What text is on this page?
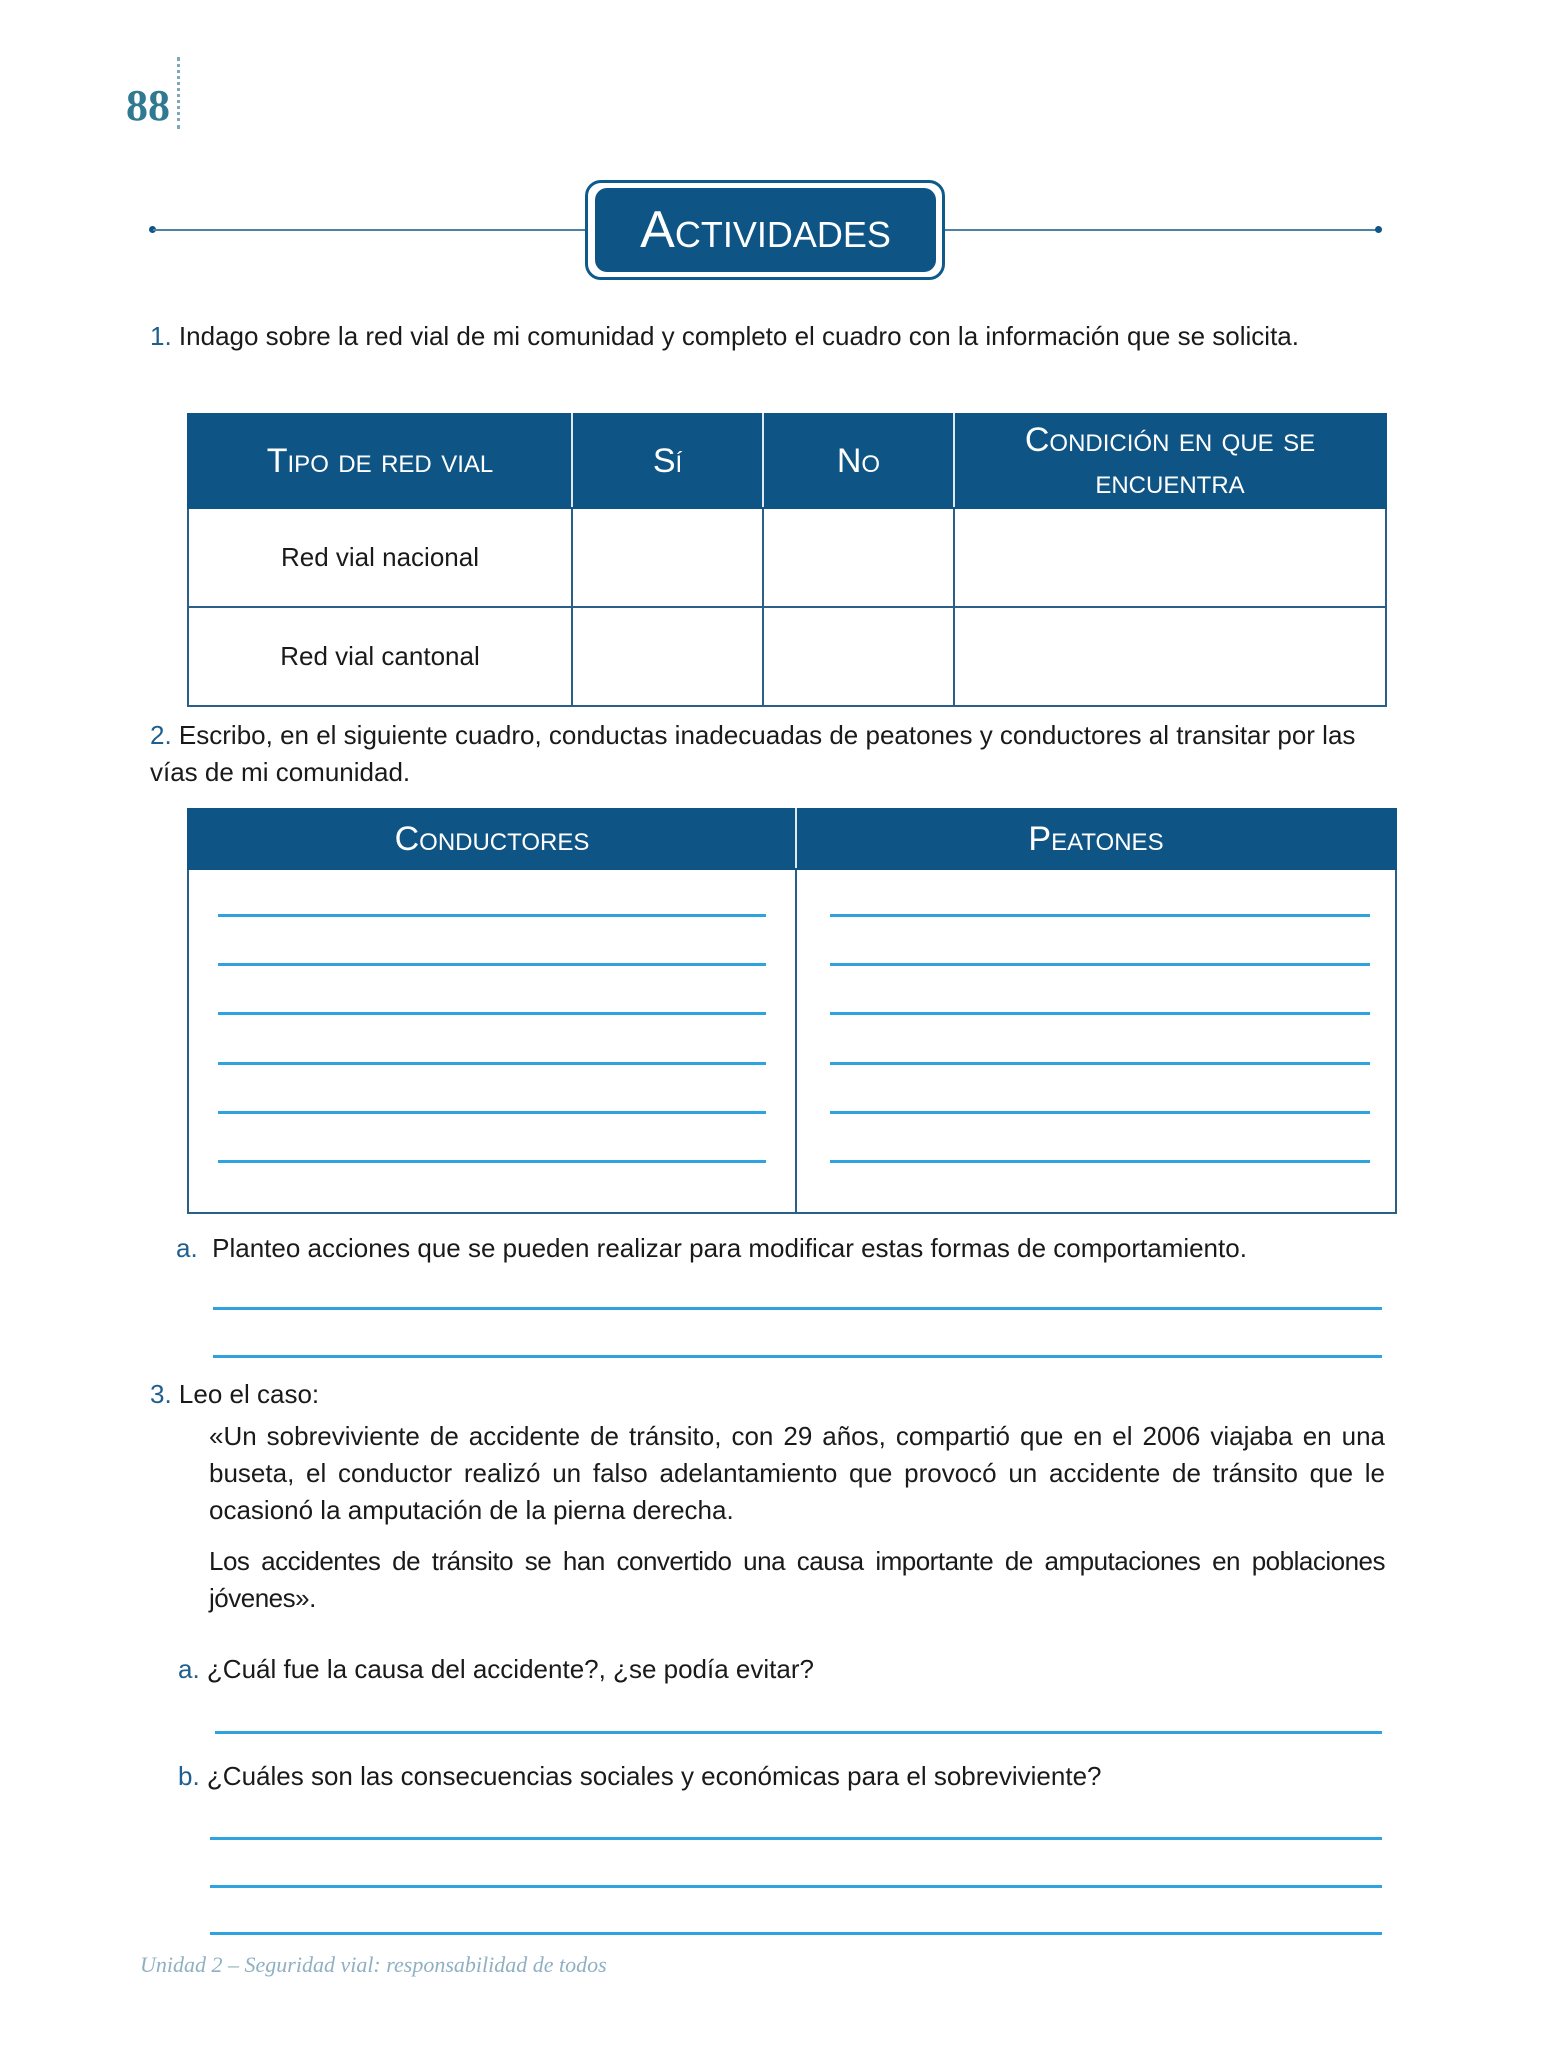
88
Actividades
1. Indago sobre la red vial de mi comunidad y completo el cuadro con la información que se solicita.
Tipo de red vial	Sí	No	Condición en que se encuentra
Red vial nacional			
Red vial cantonal			
2. Escribo, en el siguiente cuadro, conductas inadecuadas de peatones y conductores al transitar por las vías de mi comunidad.
Conductores	Peatones

a. Planteo acciones que se pueden realizar para modificar estas formas de comportamiento.
3. Leo el caso:
«Un sobreviviente de accidente de tránsito, con 29 años, compartió que en el 2006 viajaba en una buseta, el conductor realizó un falso adelantamiento que provocó un accidente de tránsito que le ocasionó la amputación de la pierna derecha.
Los accidentes de tránsito se han convertido una causa importante de amputaciones en poblaciones jóvenes».
a. ¿Cuál fue la causa del accidente?, ¿se podía evitar?
b. ¿Cuáles son las consecuencias sociales y económicas para el sobreviviente?
Unidad 2 – Seguridad vial: responsabilidad de todos
